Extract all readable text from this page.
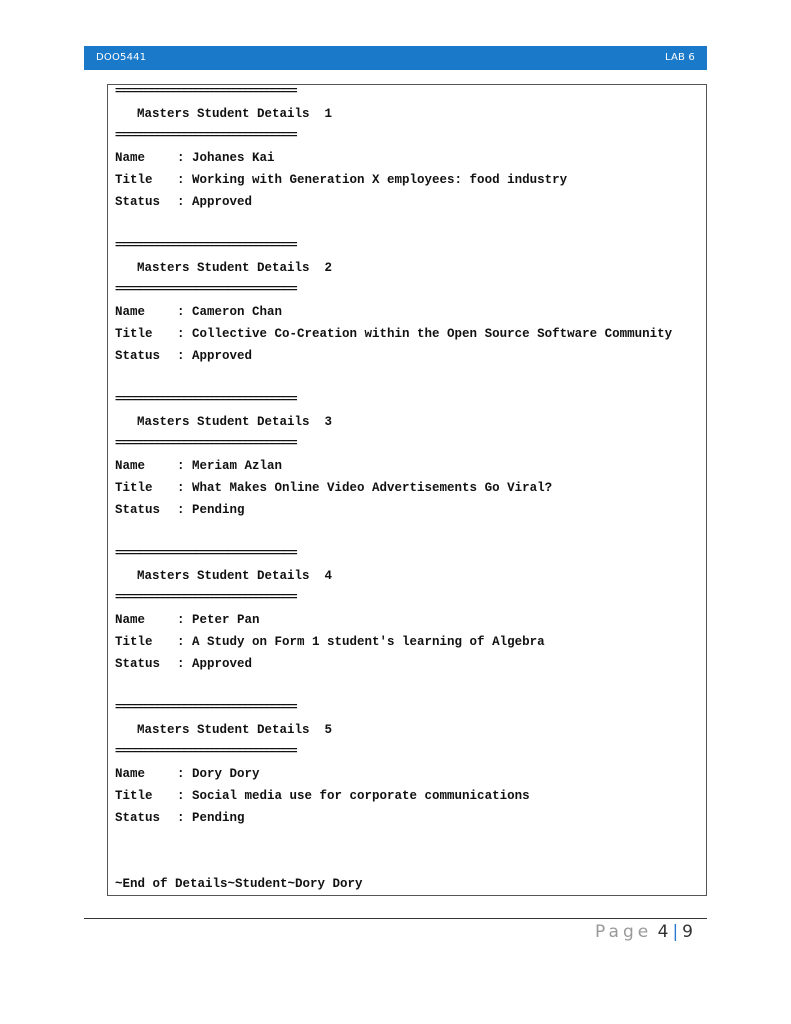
DOO5441	LAB 6
=================================
Masters Student Details  1
=================================
Name	: Johanes Kai
Title : Working with Generation X employees: food industry
Status : Approved
=================================
Masters Student Details  2
=================================
Name	: Cameron Chan
Title : Collective Co-Creation within the Open Source Software Community
Status : Approved
=================================
Masters Student Details  3
=================================
Name	: Meriam Azlan
Title : What Makes Online Video Advertisements Go Viral?
Status : Pending
=================================
Masters Student Details  4
=================================
Name	: Peter Pan
Title : A Study on Form 1 student's learning of Algebra
Status : Approved
=================================
Masters Student Details  5
=================================
Name	: Dory Dory
Title : Social media use for corporate communications
Status : Pending
~End of Details~Student~Dory Dory
Page 4 | 9
